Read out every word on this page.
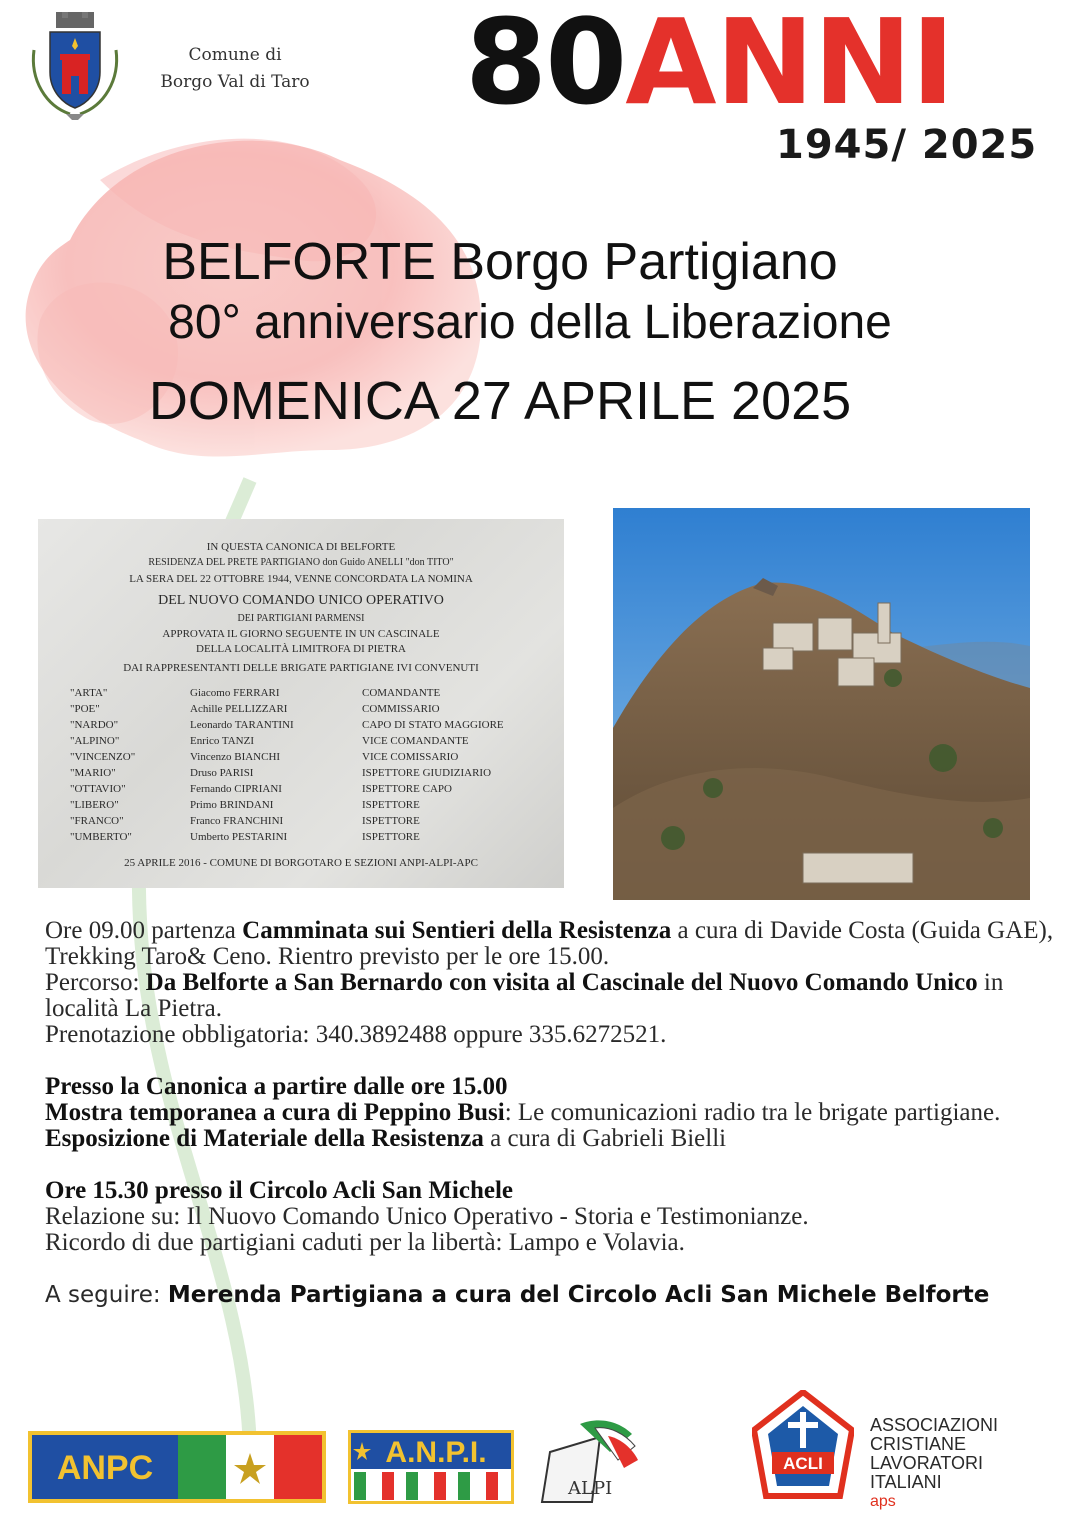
Comune di
Borgo Val di Taro 80ANNI
1945/ 2025
BELFORTE Borgo Partigiano
80° anniversario della Liberazione
DOMENICA 27 APRILE 2025
IN QUESTA CANONICA DI BELFORTE
RESIDENZA DEL PRETE PARTIGIANO don Guido ANELLI "don TITO"
LA SERA DEL 22 OTTOBRE 1944, VENNE CONCORDATA LA NOMINA
DEL NUOVO COMANDO UNICO OPERATIVO
DEI PARTIGIANI PARMENSI
APPROVATA IL GIORNO SEGUENTE IN UN CASCINALE
DELLA LOCALITÀ LIMITROFA DI PIETRA
DAI RAPPRESENTANTI DELLE BRIGATE PARTIGIANE IVI CONVENUTI
"ARTA"	Giacomo FERRARI	COMANDANTE
"POE"	Achille PELLIZZARI	COMMISSARIO
"NARDO"	Leonardo TARANTINI	CAPO DI STATO MAGGIORE
"ALPINO"	Enrico TANZI	VICE COMANDANTE
"VINCENZO"	Vincenzo BIANCHI	VICE COMISSARIO
"MARIO"	Druso PARISI	ISPETTORE GIUDIZIARIO
"OTTAVIO"	Fernando CIPRIANI	ISPETTORE CAPO
"LIBERO"	Primo BRINDANI	ISPETTORE
"FRANCO"	Franco FRANCHINI	ISPETTORE
"UMBERTO"	Umberto PESTARINI	ISPETTORE
25 APRILE 2016 - COMUNE DI BORGOTARO E SEZIONI ANPI-ALPI-APC

Ore 09.00 partenza Camminata sui Sentieri della Resistenza a cura di Davide Costa (Guida GAE), Trekking Taro& Ceno. Rientro previsto per le ore 15.00.

Percorso: Da Belforte a San Bernardo con visita al Cascinale del Nuovo Comando Unico in località La Pietra.

Prenotazione obbligatoria: 340.3892488 oppure 335.6272521.

Presso la Canonica a partire dalle ore 15.00

Mostra temporanea a cura di Peppino Busi: Le comunicazioni radio tra le brigate partigiane.

Esposizione di Materiale della Resistenza a cura di Gabrieli Bielli

Ore 15.30 presso il Circolo Acli San Michele

Relazione su: Il Nuovo Comando Unico Operativo - Storia e Testimonianze.

Ricordo di due partigiani caduti per la libertà: Lampo e Volavia.

A seguire: Merenda Partigiana a cura del Circolo Acli San Michele Belforte

ANPC	A.N.P.I.
ALPI
ACLI
ASSOCIAZIONI
CRISTIANE
LAVORATORI
ITALIANI
aps
